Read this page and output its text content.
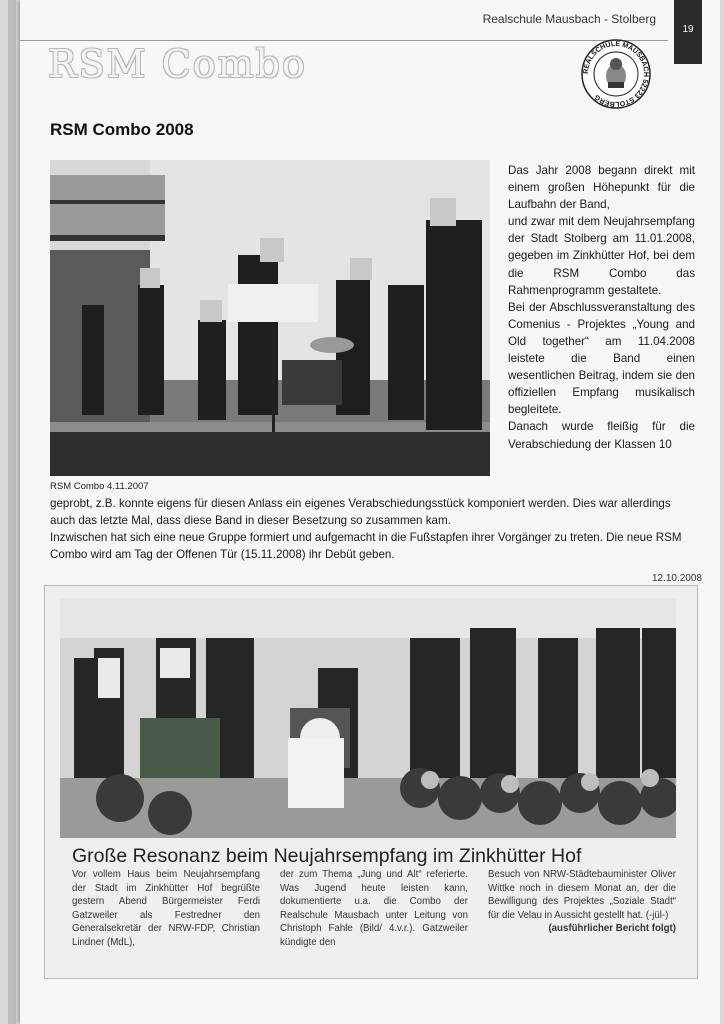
Realschule Mausbach - Stolberg
19
RSM Combo	REALSCHULE MAUSBACH 52223 STOLBERG
RSM Combo 2008
RSM Combo 4.11.2007

Das Jahr 2008 begann direkt mit einem großen Höhepunkt für die Laufbahn der Band,

und zwar mit dem Neujahrsempfang der Stadt Stolberg am 11.01.2008, gegeben im Zinkhütter Hof, bei dem die RSM Combo das Rahmenprogramm gestaltete.

Bei der Abschlussveranstaltung des Comenius - Projektes „Young and Old together“ am 11.04.2008 leistete die Band einen wesentlichen Beitrag, indem sie den offiziellen Empfang musikalisch begleitete.

Danach wurde fleißig für die Verabschiedung der Klassen 10

geprobt, z.B. konnte eigens für diesen Anlass ein eigenes Verabschiedungsstück komponiert werden. Dies war allerdings auch das letzte Mal, dass diese Band in dieser Besetzung so zusammen kam.

Inzwischen hat sich eine neue Gruppe formiert und aufgemacht in die Fußstapfen ihrer Vorgänger zu treten. Die neue RSM Combo wird am Tag der Offenen Tür (15.11.2008) ihr Debüt geben.

12.10.2008
Große Resonanz beim Neujahrsempfang im Zinkhütter Hof
Vor vollem Haus beim Neujahrsempfang der Stadt im Zinkhütter Hof begrüßte gestern Abend Bürgermeister Ferdi Gatzweiler als Festredner den Generalsekretär der NRW-FDP, Christian Lindner (MdL),
der zum Thema „Jung und Alt“ referierte. Was Jugend heute leisten kann, dokumentierte u.a. die Combo der Realschule Mausbach unter Leitung von Christoph Fahle (Bild/ 4.v.r.). Gatzweiler kündigte den
Besuch von NRW-Städtebauminister Oliver Wittke noch in diesem Monat an, der die Bewilligung des Projektes „Soziale Stadt“ für die Velau in Aussicht gestellt hat. (-jül-)
(ausführlicher Bericht folgt)
